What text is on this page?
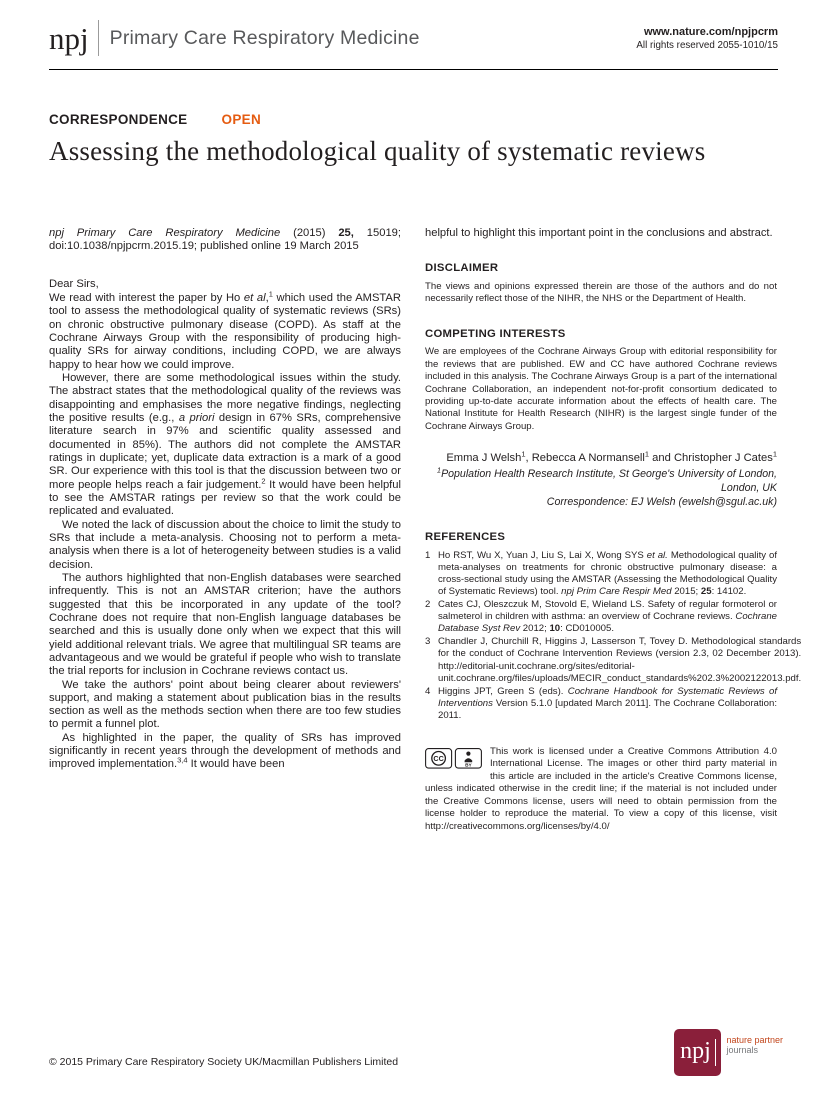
npj	Primary Care Respiratory Medicine	www.nature.com/npjpcrm
All rights reserved 2055-1010/15
CORRESPONDENCE	OPEN
Assessing the methodological quality of systematic reviews

npj Primary Care Respiratory Medicine (2015) 25, 15019; doi:10.1038/npjpcrm.2015.19; published online 19 March 2015

Dear Sirs,

We read with interest the paper by Ho et al,$^1$ which used the AMSTAR tool to assess the methodological quality of systematic reviews (SRs) on chronic obstructive pulmonary disease (COPD). As staff at the Cochrane Airways Group with the responsibility of producing high-quality SRs for airway conditions, including COPD, we are always happy to hear how we could improve.

However, there are some methodological issues within the study. The abstract states that the methodological quality of the reviews was disappointing and emphasises the more negative findings, neglecting the positive results (e.g., a priori design in 67% SRs, comprehensive literature search in 97% and scientific quality assessed and documented in 85%). The authors did not complete the AMSTAR ratings in duplicate; yet, duplicate data extraction is a mark of a good SR. Our experience with this tool is that the discussion between two or more people helps reach a fair judgement.$^2$ It would have been helpful to see the AMSTAR ratings per review so that the work could be replicated and evaluated.

We noted the lack of discussion about the choice to limit the study to SRs that include a meta-analysis. Choosing not to perform a meta-analysis when there is a lot of heterogeneity between studies is a valid decision.

The authors highlighted that non-English databases were searched infrequently. This is not an AMSTAR criterion; have the authors suggested that this be incorporated in any update of the tool? Cochrane does not require that non-English language databases be searched and this is usually done only when we expect that this will yield additional relevant trials. We agree that multilingual SR teams are advantageous and we would be grateful if people who wish to translate the trial reports for inclusion in Cochrane reviews contact us.

We take the authors' point about being clearer about reviewers' support, and making a statement about publication bias in the results section as well as the methods section when there are too few studies to permit a funnel plot.

As highlighted in the paper, the quality of SRs has improved significantly in recent years through the development of methods and improved implementation.$^{3,4}$ It would have been

helpful to highlight this important point in the conclusions and abstract.

DISCLAIMER

The views and opinions expressed therein are those of the authors and do not necessarily reflect those of the NIHR, the NHS or the Department of Health.

COMPETING INTERESTS

We are employees of the Cochrane Airways Group with editorial responsibility for the reviews that are published. EW and CC have authored Cochrane reviews included in this analysis. The Cochrane Airways Group is a part of the international Cochrane Collaboration, an independent not-for-profit consortium dedicated to providing up-to-date accurate information about the effects of health care. The National Institute for Health Research (NIHR) is the largest single funder of the Cochrane Airways Group.

Emma J Welsh$^1$, Rebecca A Normansell$^1$ and Christopher J Cates$^1$

$^1$Population Health Research Institute, St George's University of London, London, UK

Correspondence: EJ Welsh (ewelsh@sgul.ac.uk)

REFERENCES
1 Ho RST, Wu X, Yuan J, Liu S, Lai X, Wong SYS et al. Methodological quality of meta-analyses on treatments for chronic obstructive pulmonary disease: a cross-sectional study using the AMSTAR (Assessing the Methodological Quality of Systematic Reviews) tool. npj Prim Care Respir Med 2015; 25: 14102.
2 Cates CJ, Oleszczuk M, Stovold E, Wieland LS. Safety of regular formoterol or salmeterol in children with asthma: an overview of Cochrane reviews. Cochrane Database Syst Rev 2012; 10: CD010005.
3 Chandler J, Churchill R, Higgins J, Lasserson T, Tovey D. Methodological standards for the conduct of Cochrane Intervention Reviews (version 2.3, 02 December 2013). http://editorial-unit.cochrane.org/sites/editorial-unit.cochrane.org/files/uploads/MECIR_conduct_standards%202.3%2002122013.pdf.
4 Higgins JPT, Green S (eds). Cochrane Handbook for Systematic Reviews of Interventions Version 5.1.0 [updated March 2011]. The Cochrane Collaboration: 2011.
CC
BY

This work is licensed under a Creative Commons Attribution 4.0 International License. The images or other third party material in this article are included in the article's Creative Commons license, unless indicated otherwise in the credit line; if the material is not included under the Creative Commons license, users will need to obtain permission from the license holder to reproduce the material. To view a copy of this license, visit http://creativecommons.org/licenses/by/4.0/

© 2015 Primary Care Respiratory Society UK/Macmillan Publishers Limited	npj	nature partner
journals
